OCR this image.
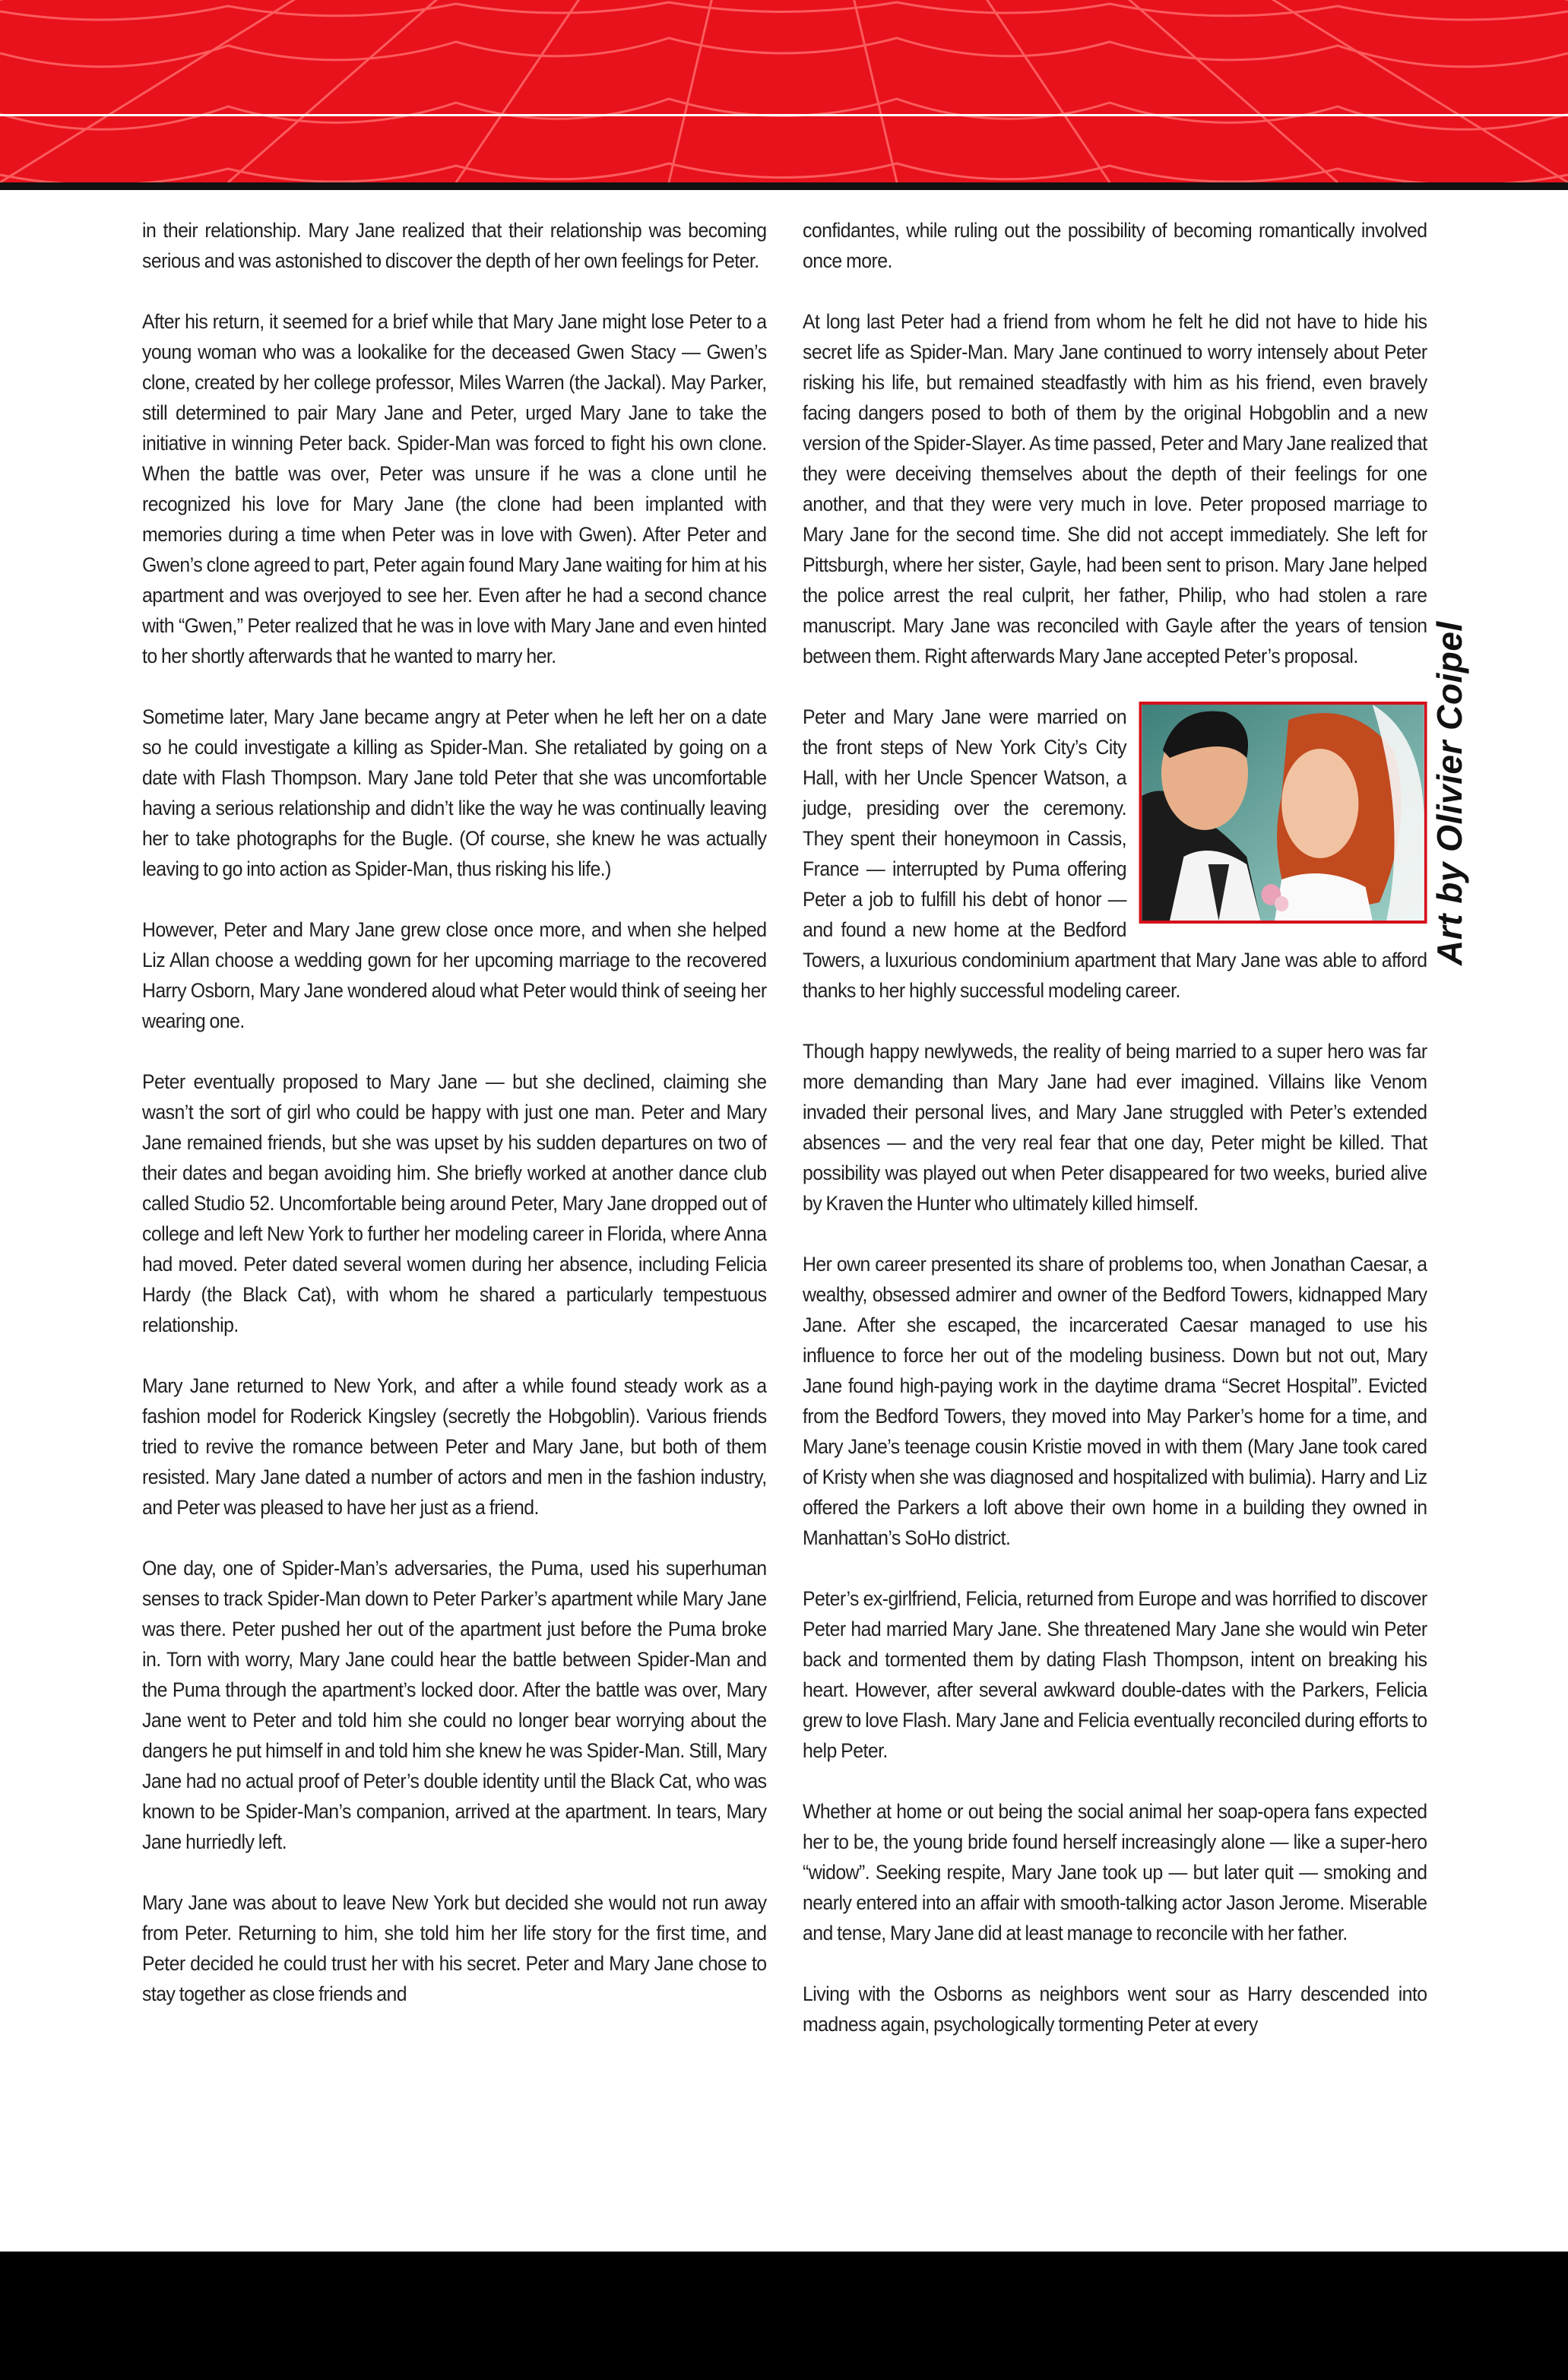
in their relationship. Mary Jane realized that their relationship was becoming serious and was astonished to discover the depth of her own feelings for Peter.

After his return, it seemed for a brief while that Mary Jane might lose Peter to a young woman who was a lookalike for the deceased Gwen Stacy — Gwen’s clone, created by her college professor, Miles Warren (the Jackal). May Parker, still determined to pair Mary Jane and Peter, urged Mary Jane to take the initiative in winning Peter back. Spider-Man was forced to fight his own clone. When the battle was over, Peter was unsure if he was a clone until he recognized his love for Mary Jane (the clone had been implanted with memories during a time when Peter was in love with Gwen). After Peter and Gwen’s clone agreed to part, Peter again found Mary Jane waiting for him at his apartment and was overjoyed to see her. Even after he had a second chance with “Gwen,” Peter realized that he was in love with Mary Jane and even hinted to her shortly afterwards that he wanted to marry her.

Sometime later, Mary Jane became angry at Peter when he left her on a date so he could investigate a killing as Spider-Man. She retaliated by going on a date with Flash Thompson. Mary Jane told Peter that she was uncomfortable having a serious relationship and didn’t like the way he was continually leaving her to take photographs for the Bugle. (Of course, she knew he was actually leaving to go into action as Spider-Man, thus risking his life.)

However, Peter and Mary Jane grew close once more, and when she helped Liz Allan choose a wedding gown for her upcoming marriage to the recovered Harry Osborn, Mary Jane wondered aloud what Peter would think of seeing her wearing one.

Peter eventually proposed to Mary Jane — but she declined, claiming she wasn’t the sort of girl who could be happy with just one man. Peter and Mary Jane remained friends, but she was upset by his sudden departures on two of their dates and began avoiding him. She briefly worked at another dance club called Studio 52. Uncomfortable being around Peter, Mary Jane dropped out of college and left New York to further her modeling career in Florida, where Anna had moved. Peter dated several women during her absence, including Felicia Hardy (the Black Cat), with whom he shared a particularly tempestuous relationship.

Mary Jane returned to New York, and after a while found steady work as a fashion model for Roderick Kingsley (secretly the Hobgoblin). Various friends tried to revive the romance between Peter and Mary Jane, but both of them resisted. Mary Jane dated a number of actors and men in the fashion industry, and Peter was pleased to have her just as a friend.

One day, one of Spider-Man’s adversaries, the Puma, used his superhuman senses to track Spider-Man down to Peter Parker’s apartment while Mary Jane was there. Peter pushed her out of the apartment just before the Puma broke in. Torn with worry, Mary Jane could hear the battle between Spider-Man and the Puma through the apartment’s locked door. After the battle was over, Mary Jane went to Peter and told him she could no longer bear worrying about the dangers he put himself in and told him she knew he was Spider-Man. Still, Mary Jane had no actual proof of Peter’s double identity until the Black Cat, who was known to be Spider-Man’s companion, arrived at the apartment. In tears, Mary Jane hurriedly left.

Mary Jane was about to leave New York but decided she would not run away from Peter. Returning to him, she told him her life story for the first time, and Peter decided he could trust her with his secret. Peter and Mary Jane chose to stay together as close friends and

confidantes, while ruling out the possibility of becoming romantically involved once more.

At long last Peter had a friend from whom he felt he did not have to hide his secret life as Spider-Man. Mary Jane continued to worry intensely about Peter risking his life, but remained steadfastly with him as his friend, even bravely facing dangers posed to both of them by the original Hobgoblin and a new version of the Spider-Slayer. As time passed, Peter and Mary Jane realized that they were deceiving themselves about the depth of their feelings for one another, and that they were very much in love. Peter proposed marriage to Mary Jane for the second time. She did not accept immediately. She left for Pittsburgh, where her sister, Gayle, had been sent to prison. Mary Jane helped the police arrest the real culprit, her father, Philip, who had stolen a rare manuscript. Mary Jane was reconciled with Gayle after the years of tension between them. Right afterwards Mary Jane accepted Peter’s proposal.

Peter and Mary Jane were married on the front steps of New York City’s City Hall, with her Uncle Spencer Watson, a judge, presiding over the ceremony. They spent their honeymoon in Cassis, France — interrupted by Puma offering Peter a job to fulfill his debt of honor — and found a new home at the Bedford Towers, a luxurious condominium apartment that Mary Jane was able to afford thanks to her highly successful modeling career.

Though happy newlyweds, the reality of being married to a super hero was far more demanding than Mary Jane had ever imagined. Villains like Venom invaded their personal lives, and Mary Jane struggled with Peter’s extended absences — and the very real fear that one day, Peter might be killed. That possibility was played out when Peter disappeared for two weeks, buried alive by Kraven the Hunter who ultimately killed himself.

Her own career presented its share of problems too, when Jonathan Caesar, a wealthy, obsessed admirer and owner of the Bedford Towers, kidnapped Mary Jane. After she escaped, the incarcerated Caesar managed to use his influence to force her out of the modeling business. Down but not out, Mary Jane found high-paying work in the daytime drama “Secret Hospital”. Evicted from the Bedford Towers, they moved into May Parker’s home for a time, and Mary Jane’s teenage cousin Kristie moved in with them (Mary Jane took cared of Kristy when she was diagnosed and hospitalized with bulimia). Harry and Liz offered the Parkers a loft above their own home in a building they owned in Manhattan’s SoHo district.

Peter’s ex-girlfriend, Felicia, returned from Europe and was horrified to discover Peter had married Mary Jane. She threatened Mary Jane she would win Peter back and tormented them by dating Flash Thompson, intent on breaking his heart. However, after several awkward double-dates with the Parkers, Felicia grew to love Flash. Mary Jane and Felicia eventually reconciled during efforts to help Peter.

Whether at home or out being the social animal her soap-opera fans expected her to be, the young bride found herself increasingly alone — like a super-hero “widow”. Seeking respite, Mary Jane took up — but later quit — smoking and nearly entered into an affair with smooth-talking actor Jason Jerome. Miserable and tense, Mary Jane did at least manage to reconcile with her father.

Living with the Osborns as neighbors went sour as Harry descended into madness again, psychologically tormenting Peter at every

Art by Olivier Coipel
